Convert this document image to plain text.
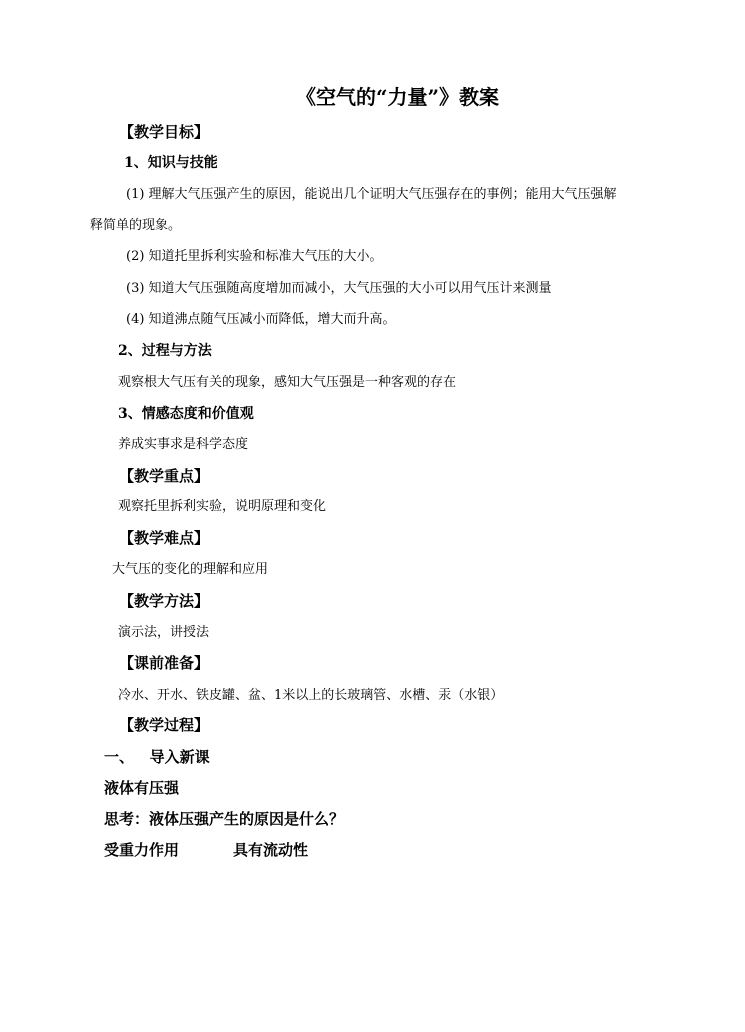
《空气的“力量”》教案
【教学目标】
1、知识与技能
(1) 理解大气压强产生的原因，能说出几个证明大气压强存在的事例；能用大气压强解
释简单的现象。
(2) 知道托里拆利实验和标准大气压的大小。
(3) 知道大气压强随高度增加而减小，大气压强的大小可以用气压计来测量
(4) 知道沸点随气压减小而降低，增大而升高。
2、过程与方法
观察根大气压有关的现象，感知大气压强是一种客观的存在
3、情感态度和价值观
养成实事求是科学态度
【教学重点】
观察托里拆利实验，说明原理和变化
【教学难点】
大气压的变化的理解和应用
【教学方法】
演示法，讲授法
【课前准备】
冷水、开水、铁皮罐、盆、1米以上的长玻璃管、水槽、汞（水银）
【教学过程】
一、   导入新课
液体有压强
思考：液体压强产生的原因是什么？
受重力作用	具有流动性
